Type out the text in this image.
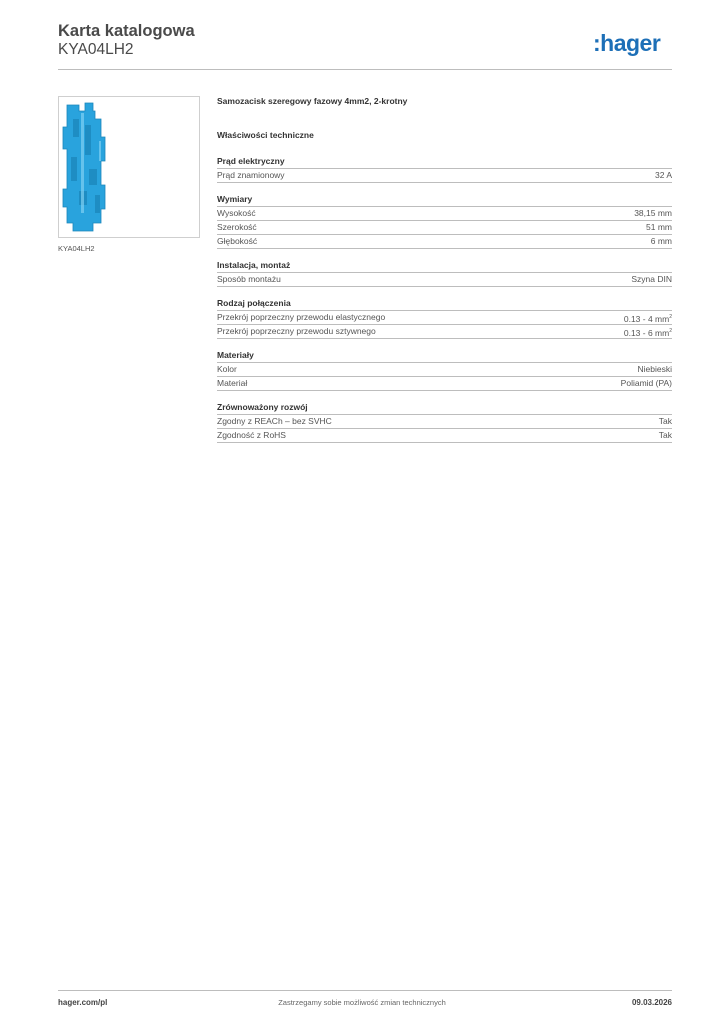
Karta katalogowa
KYA04LH2	:hager
KYA04LH2
Samozacisk szeregowy fazowy 4mm2, 2-krotny
Właściwości techniczne
Prąd elektryczny
Prąd znamionowy	32 A
Wymiary
Wysokość	38,15 mm
Szerokość	51 mm
Głębokość	6 mm
Instalacja, montaż
Sposób montażu	Szyna DIN
Rodzaj połączenia
Przekrój poprzeczny przewodu elastycznego	0.13 - 4 $mm^2$
Przekrój poprzeczny przewodu sztywnego	0.13 - 6 $mm^2$
Materiały
Kolor	Niebieski
Materiał	Poliamid (PA)
Zrównoważony rozwój
Zgodny z REACh – bez SVHC	Tak
Zgodność z RoHS	Tak
hager.com/pl	Zastrzegamy sobie możliwość zmian technicznych	09.03.2026
